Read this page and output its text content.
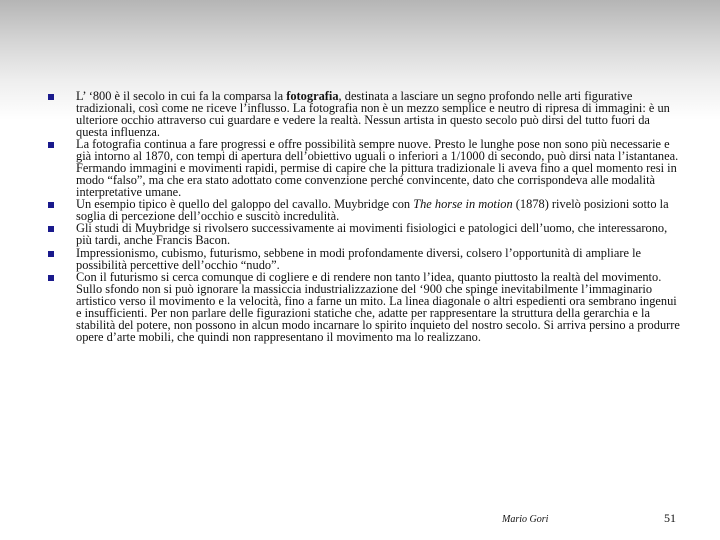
L’ ‘800 è il secolo in cui fa la comparsa la fotografia, destinata a lasciare un segno profondo nelle arti figurative tradizionali, così come ne riceve l’influsso. La fotografia non è un mezzo semplice e neutro di ripresa di immagini: è un ulteriore occhio attraverso cui guardare e vedere la realtà. Nessun artista in questo secolo può dirsi del tutto fuori da questa influenza.
La fotografia continua a fare progressi e offre possibilità sempre nuove. Presto le lunghe pose non sono più necessarie e già intorno al 1870, con tempi di apertura dell’obiettivo uguali o inferiori a 1/1000 di secondo, può dirsi nata l’istantanea. Fermando immagini e movimenti rapidi, permise di capire che la pittura tradizionale li aveva fino a quel momento resi in modo “falso”, ma che era stato adottato come convenzione perché convincente, dato che corrispondeva alle modalità interpretative umane.
Un esempio tipico è quello del galoppo del cavallo. Muybridge con The horse in motion (1878) rivelò posizioni sotto la soglia di percezione dell’occhio e suscitò incredulità.
Gli studi di Muybridge si rivolsero successivamente ai movimenti fisiologici e patologici dell’uomo, che interessarono, più tardi, anche Francis Bacon.
Impressionismo, cubismo, futurismo, sebbene in modi profondamente diversi, colsero l’opportunità di ampliare le possibilità percettive dell’occhio “nudo”.
Con il futurismo si cerca comunque di cogliere e di rendere non tanto l’idea, quanto piuttosto la realtà del movimento. Sullo sfondo non si può ignorare la massiccia industrializzazione del ‘900 che spinge inevitabilmente l’immaginario artistico verso il movimento e la velocità, fino a farne un mito. La linea diagonale o altri espedienti ora sembrano ingenui e insufficienti. Per non parlare delle figurazioni statiche che, adatte per rappresentare la struttura della gerarchia e la stabilità del potere, non possono in alcun modo incarnare lo spirito inquieto del nostro secolo. Si arriva persino a produrre opere d’arte mobili, che quindi non rappresentano il movimento ma lo realizzano.
Mario Gori	51
